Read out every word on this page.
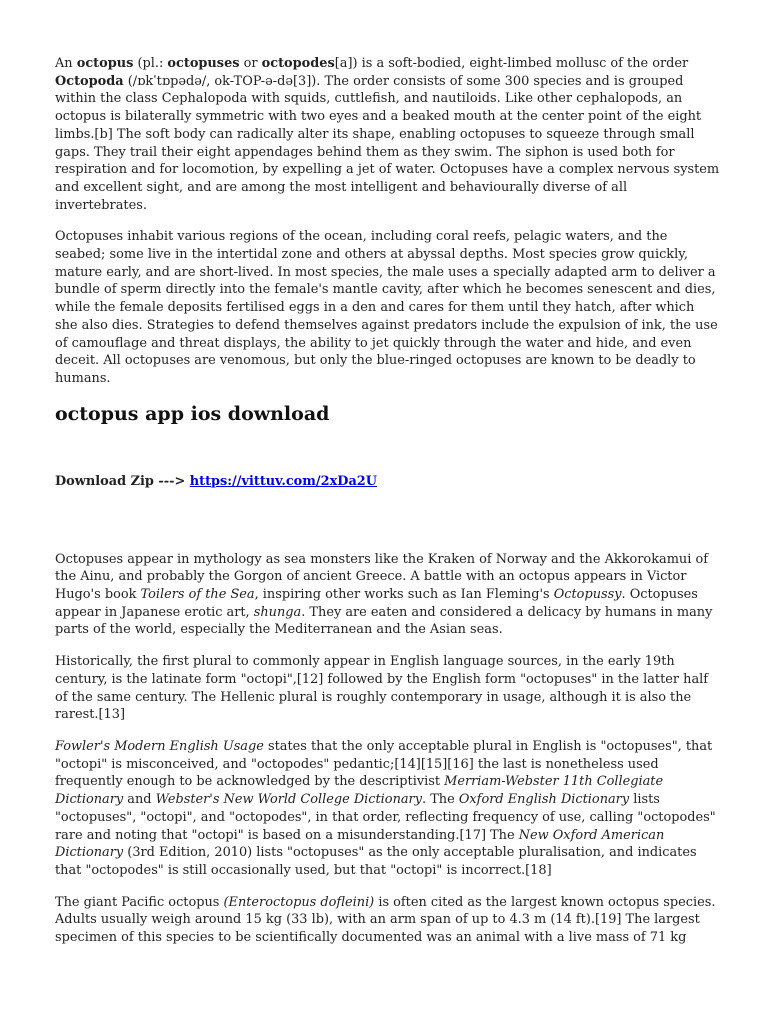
An octopus (pl.: octopuses or octopodes[a]) is a soft-bodied, eight-limbed mollusc of the order Octopoda (/ɒkˈtɒpədə/, ok-TOP-ə-də[3]). The order consists of some 300 species and is grouped within the class Cephalopoda with squids, cuttlefish, and nautiloids. Like other cephalopods, an octopus is bilaterally symmetric with two eyes and a beaked mouth at the center point of the eight limbs.[b] The soft body can radically alter its shape, enabling octopuses to squeeze through small gaps. They trail their eight appendages behind them as they swim. The siphon is used both for respiration and for locomotion, by expelling a jet of water. Octopuses have a complex nervous system and excellent sight, and are among the most intelligent and behaviourally diverse of all invertebrates.

Octopuses inhabit various regions of the ocean, including coral reefs, pelagic waters, and the seabed; some live in the intertidal zone and others at abyssal depths. Most species grow quickly, mature early, and are short-lived. In most species, the male uses a specially adapted arm to deliver a bundle of sperm directly into the female's mantle cavity, after which he becomes senescent and dies, while the female deposits fertilised eggs in a den and cares for them until they hatch, after which she also dies. Strategies to defend themselves against predators include the expulsion of ink, the use of camouflage and threat displays, the ability to jet quickly through the water and hide, and even deceit. All octopuses are venomous, but only the blue-ringed octopuses are known to be deadly to humans.

octopus app ios download
Download Zip ---> https://vittuv.com/2xDa2U

Octopuses appear in mythology as sea monsters like the Kraken of Norway and the Akkorokamui of the Ainu, and probably the Gorgon of ancient Greece. A battle with an octopus appears in Victor Hugo's book Toilers of the Sea, inspiring other works such as Ian Fleming's Octopussy. Octopuses appear in Japanese erotic art, shunga. They are eaten and considered a delicacy by humans in many parts of the world, especially the Mediterranean and the Asian seas.

Historically, the first plural to commonly appear in English language sources, in the early 19th century, is the latinate form "octopi",[12] followed by the English form "octopuses" in the latter half of the same century. The Hellenic plural is roughly contemporary in usage, although it is also the rarest.[13]

Fowler's Modern English Usage states that the only acceptable plural in English is "octopuses", that "octopi" is misconceived, and "octopodes" pedantic;[14][15][16] the last is nonetheless used frequently enough to be acknowledged by the descriptivist Merriam-Webster 11th Collegiate Dictionary and Webster's New World College Dictionary. The Oxford English Dictionary lists "octopuses", "octopi", and "octopodes", in that order, reflecting frequency of use, calling "octopodes" rare and noting that "octopi" is based on a misunderstanding.[17] The New Oxford American Dictionary (3rd Edition, 2010) lists "octopuses" as the only acceptable pluralisation, and indicates that "octopodes" is still occasionally used, but that "octopi" is incorrect.[18]

The giant Pacific octopus (Enteroctopus dofleini) is often cited as the largest known octopus species. Adults usually weigh around 15 kg (33 lb), with an arm span of up to 4.3 m (14 ft).[19] The largest specimen of this species to be scientifically documented was an animal with a live mass of 71 kg
